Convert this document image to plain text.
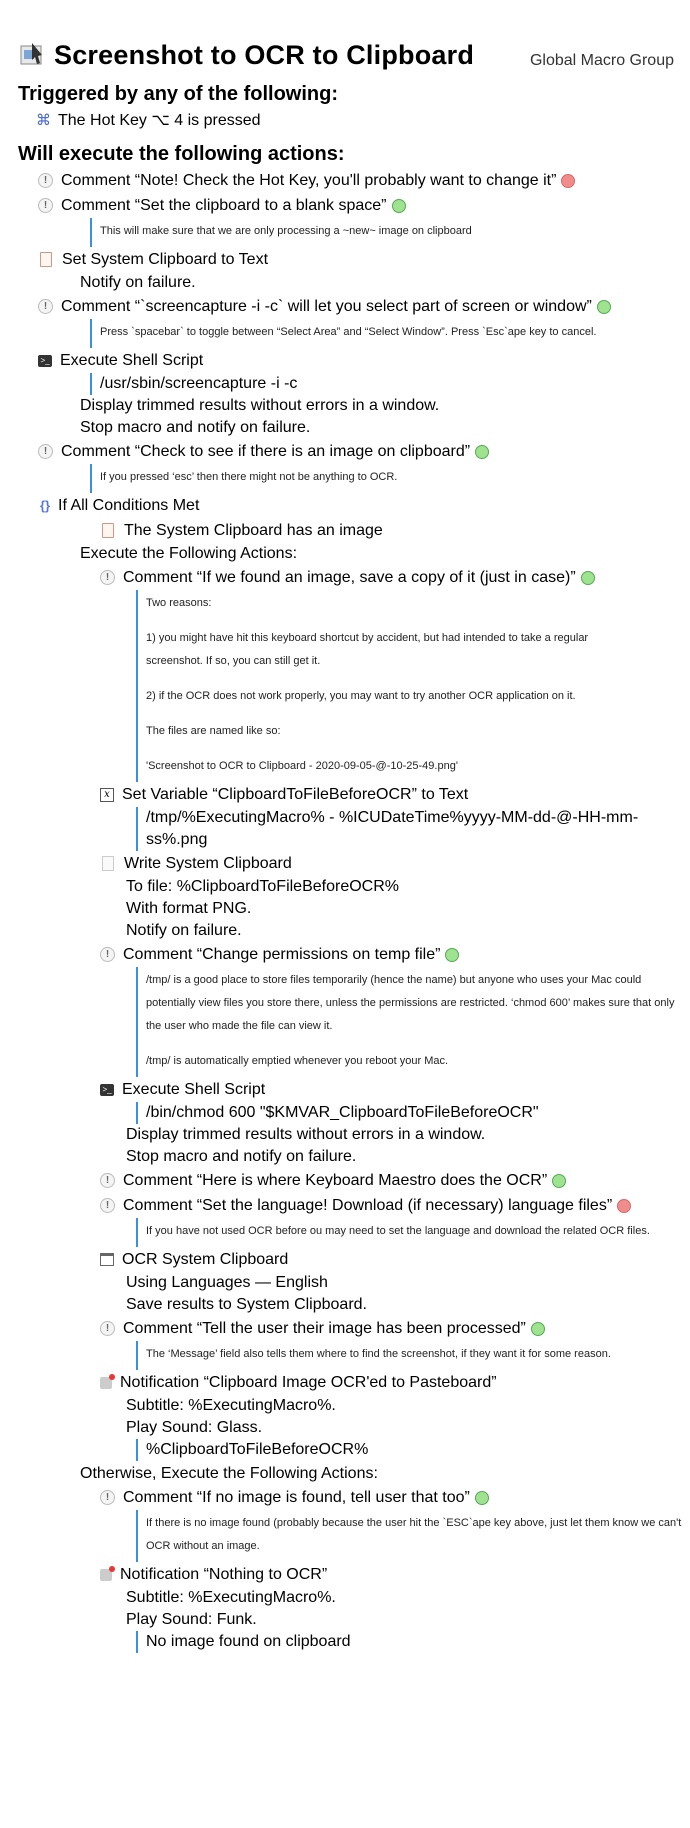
Global Macro Group
Screenshot to OCR to Clipboard
Triggered by any of the following:
⌘ The Hot Key ⌥ 4 is pressed
Will execute the following actions:
! Comment “Note! Check the Hot Key, you'll probably want to change it”
! Comment “Set the clipboard to a blank space”
This will make sure that we are only processing a ~new~ image on clipboard
Set System Clipboard to Text
Notify on failure.
! Comment “`screencapture -i -c` will let you select part of screen or window”
Press `spacebar` to toggle between “Select Area” and “Select Window”. Press `Esc`ape key to cancel.
>_ Execute Shell Script
/usr/sbin/screencapture -i -c
Display trimmed results without errors in a window.
Stop macro and notify on failure.
! Comment “Check to see if there is an image on clipboard”
If you pressed ‘esc’ then there might not be anything to OCR.
{} If All Conditions Met
The System Clipboard has an image
Execute the Following Actions:
! Comment “If we found an image, save a copy of it (just in case)”
Two reasons:
1) you might have hit this keyboard shortcut by accident, but had intended to take a regular screenshot. If so, you can still get it.
2) if the OCR does not work properly, you may want to try another OCR application on it.
The files are named like so:
'Screenshot to OCR to Clipboard - 2020-09-05-@-10-25-49.png'
x Set Variable “ClipboardToFileBeforeOCR” to Text
/tmp/%ExecutingMacro% - %ICUDateTime%yyyy-MM-dd-@-HH-mm-
ss%.png
Write System Clipboard
To file: %ClipboardToFileBeforeOCR%
With format PNG.
Notify on failure.
! Comment “Change permissions on temp file”
/tmp/ is a good place to store files temporarily (hence the name) but anyone who uses your Mac could potentially view files you store there, unless the permissions are restricted. ‘chmod 600’ makes sure that only the user who made the file can view it.
/tmp/ is automatically emptied whenever you reboot your Mac.
>_ Execute Shell Script
/bin/chmod 600 "$KMVAR_ClipboardToFileBeforeOCR"
Display trimmed results without errors in a window.
Stop macro and notify on failure.
! Comment “Here is where Keyboard Maestro does the OCR”
! Comment “Set the language! Download (if necessary) language files”
If you have not used OCR before ou may need to set the language and download the related OCR files.
OCR System Clipboard
Using Languages — English
Save results to System Clipboard.
! Comment “Tell the user their image has been processed”
The ‘Message’ field also tells them where to find the screenshot, if they want it for some reason.
Notification “Clipboard Image OCR'ed to Pasteboard”
Subtitle: %ExecutingMacro%.
Play Sound: Glass.
%ClipboardToFileBeforeOCR%
Otherwise, Execute the Following Actions:
! Comment “If no image is found, tell user that too”
If there is no image found (probably because the user hit the `ESC`ape key above, just let them know we can't OCR without an image.
Notification “Nothing to OCR”
Subtitle: %ExecutingMacro%.
Play Sound: Funk.
No image found on clipboard
